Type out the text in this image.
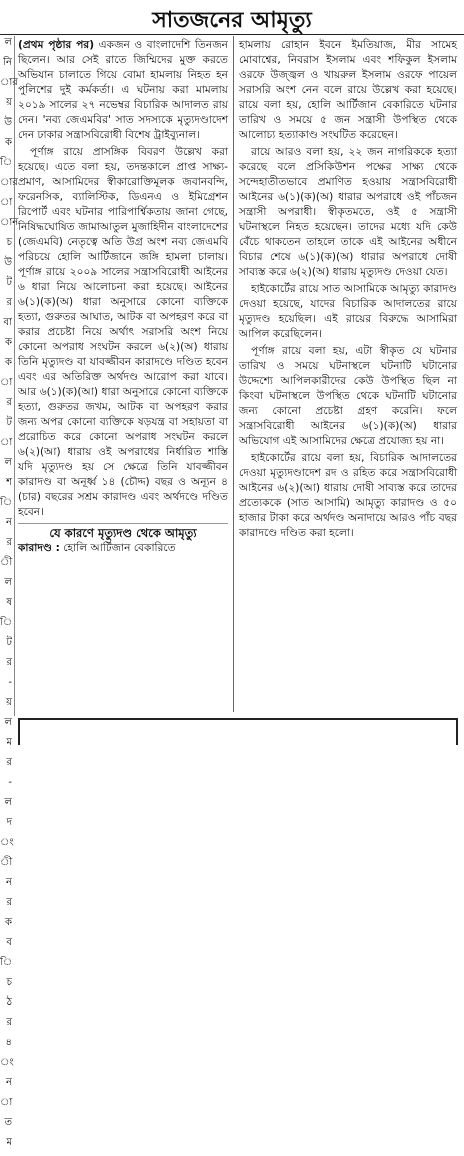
সাতজনের আমৃত্যু
ল
নি
ার
য়
উ
ক
ি
ার
া
ান
চ
উ
ট
র
বা
ক
ক
া
র
ট
া
ল
শ
ি
ন
র
ী
ল
ষ
ি
ট
র
-
য়
ল
ম
র
-
ল
দ
ং
ী
ন
র
ক
ব
ি
চ
ঠ
র
৪
ং
ন
া
ত
ম

(প্রথম পৃষ্ঠার পর) একজন ও বাংলাদেশি তিনজন ছিলেন। আর সেই রাতে জিম্মিদের মুক্ত করতে অভিযান চালাতে গিয়ে বোমা হামলায় নিহত হন পুলিশের দুই কর্মকর্তা। এ ঘটনায় করা মামলায় ২০১৯ সালের ২৭ নভেম্বর বিচারিক আদালত রায় দেন। 'নব্য জেএমবির' সাত সদস্যকে মৃত্যুদণ্ডাদেশ দেন ঢাকার সন্ত্রাসবিরোধী বিশেষ ট্রাইব্যুনাল।

পূর্ণাঙ্গ রায়ে প্রাসঙ্গিক বিবরণ উল্লেখ করা হয়েছে। এতে বলা হয়, তদন্তকালে প্রাপ্ত সাক্ষ্য-প্রমাণ, আসামিদের স্বীকারোক্তিমূলক জবানবন্দি, ফরেনসিক, ব্যালিস্টিক, ডিএনএ ও ইমিগ্রেশন রিপোর্ট এবং ঘটনার পারিপার্শ্বিকতায় জানা গেছে, নিষিদ্ধঘোষিত জামাআতুল মুজাহিদীন বাংলাদেশের (জেএমবি) নেতৃত্বে অতি উগ্র অংশ নব্য জেএমবি পরিচয়ে হোলি আর্টিজানে জঙ্গি হামলা চালায়। পূর্ণাঙ্গ রায়ে ২০০৯ সালের সন্ত্রাসবিরোধী আইনের ৬ ধারা নিয়ে আলোচনা করা হয়েছে। আইনের ৬(১)(ক)(অ) ধারা অনুসারে কোনো ব্যক্তিকে হত্যা, গুরুতর আঘাত, আটক বা অপহরণ করে বা করার প্রচেষ্টা নিয়ে অর্থাৎ সরাসরি অংশ নিয়ে কোনো অপরাধ সংঘটন করলে ৬(২)(অ) ধারায় তিনি মৃত্যুদণ্ড বা যাবজ্জীবন কারাদণ্ডে দণ্ডিত হবেন এবং এর অতিরিক্ত অর্থদণ্ড আরোপ করা যাবে। আর ৬(১)(ক)(আ) ধারা অনুসারে কোনো ব্যক্তিকে হত্যা, গুরুতর জখম, আটক বা অপহরণ করার জন্য অপর কোনো ব্যক্তিকে ষড়যন্ত্র বা সহায়তা বা প্ররোচিত করে কোনো অপরাধ সংঘটন করলে ৬(২)(আ) ধারায় ওই অপরাধের নির্ধারিত শাস্তি যদি মৃত্যুদণ্ড হয় সে ক্ষেত্রে তিনি যাবজ্জীবন কারাদণ্ড বা অনূর্ধ্ব ১৪ (চৌদ্দ) বছর ও অন্যূন ৪ (চার) বছরের সশ্রম কারাদণ্ড এবং অর্থদণ্ডে দণ্ডিত হবেন।

যে কারণে মৃত্যুদণ্ড থেকে আমৃত্যু

কারাদণ্ড : হোলি আর্টিজান বেকারিতে

হামলায় রোহান ইবনে ইমতিয়াজ, মীর সামেহ মোবাশ্বের, নিবরাস ইসলাম এবং শফিকুল ইসলাম ওরফে উজ্জ্বল ও খায়রুল ইসলাম ওরফে পায়েল সরাসরি অংশ নেন বলে রায়ে উল্লেখ করা হয়েছে। রায়ে বলা হয়, হোলি আর্টিজান বেকারিতে ঘটনার তারিখ ও সময়ে ৫ জন সন্ত্রাসী উপস্থিত থেকে আলোচ্য হত্যাকাণ্ড সংঘটিত করেছেন।

রায়ে আরও বলা হয়, ২২ জন নাগরিককে হত্যা করেছে বলে প্রসিকিউশন পক্ষের সাক্ষ্য থেকে সন্দেহাতীতভাবে প্রমাণিত হওয়ায় সন্ত্রাসবিরোধী আইনের ৬(১)(ক)(অ) ধারার অপরাধে ওই পাঁচজন সন্ত্রাসী অপরাধী। স্বীকৃতমতে, ওই ৫ সন্ত্রাসী ঘটনাস্থলে নিহত হয়েছেন। তাদের মধ্যে যদি কেউ বেঁচে থাকতেন তাহলে তাকে এই আইনের অধীনে বিচার শেষে ৬(১)(ক)(অ) ধারার অপরাধে দোষী সাব্যস্ত করে ৬(২)(অ) ধারায় মৃত্যুদণ্ড দেওয়া যেত।

হাইকোর্টের রায়ে সাত আসামিকে আমৃত্যু কারাদণ্ড দেওয়া হয়েছে, যাদের বিচারিক আদালতের রায়ে মৃত্যুদণ্ড হয়েছিল। এই রায়ের বিরুদ্ধে আসামিরা আপিল করেছিলেন।

পূর্ণাঙ্গ রায়ে বলা হয়, এটা স্বীকৃত যে ঘটনার তারিখ ও সময়ে ঘটনাস্থলে ঘটনাটি ঘটানোর উদ্দেশ্যে আপিলকারীদের কেউ উপস্থিত ছিল না কিংবা ঘটনাস্থলে উপস্থিত থেকে ঘটনাটি ঘটানোর জন্য কোনো প্রচেষ্টা গ্রহণ করেনি। ফলে সন্ত্রাসবিরোধী আইনের ৬(১)(ক)(অ) ধারার অভিযোগ এই আসামিদের ক্ষেত্রে প্রযোজ্য হয় না।

হাইকোর্টের রায়ে বলা হয়, বিচারিক আদালতের দেওয়া মৃত্যুদণ্ডাদেশ রদ ও রহিত করে সন্ত্রাসবিরোধী আইনের ৬(২)(আ) ধারায় দোষী সাব্যস্ত করে তাদের প্রত্যেককে (সাত আসামি) আমৃত্যু কারাদণ্ড ও ৫০ হাজার টাকা করে অর্থদণ্ড অনাদায়ে আরও পাঁচ বছর কারাদণ্ডে দণ্ডিত করা হলো।
